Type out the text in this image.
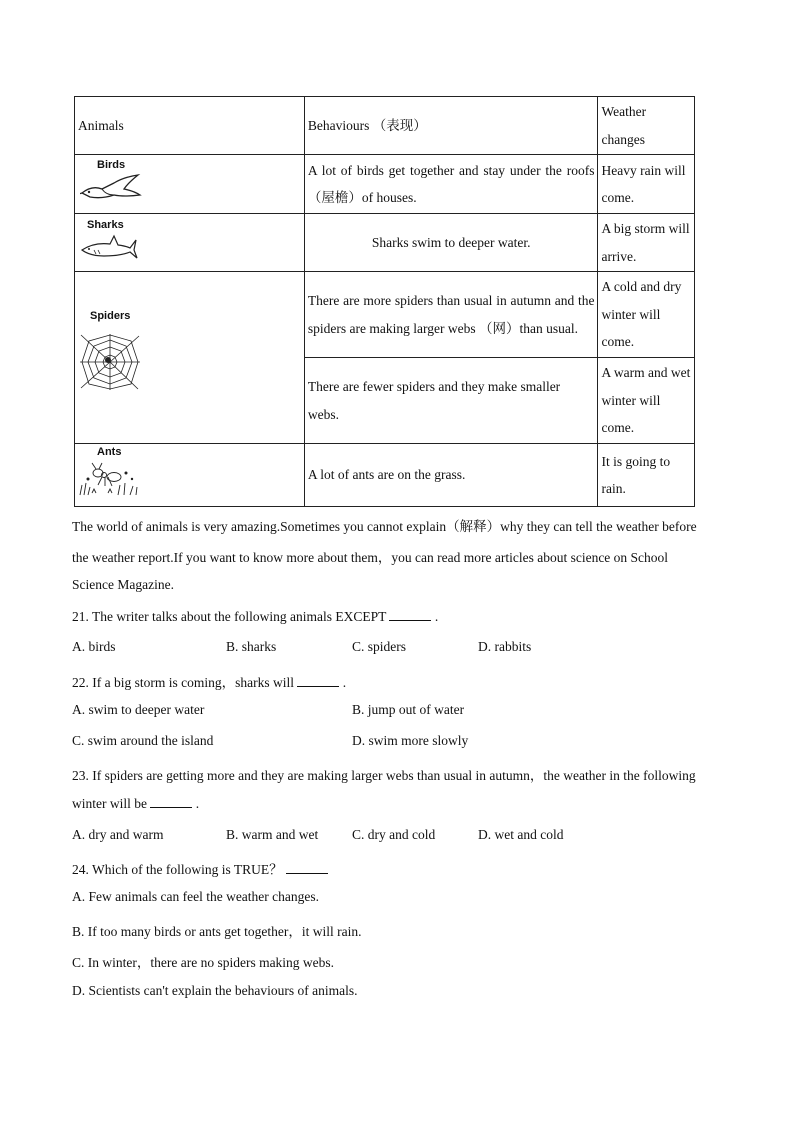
Animals	Behaviours （表现）	Weather changes

Birds	A lot of birds get together and stay under the roofs（屋檐）of houses.	Heavy rain will come.

Sharks	Sharks swim to deeper water.	A big storm will arrive.

Spiders	There are more spiders than usual in autumn and the spiders are making larger webs （网）than usual.	A cold and dry winter will come.
	There are fewer spiders and they make smaller webs.	A warm and wet winter will come.

Ants	A lot of ants are on the grass.	It is going to rain.
The world of animals is very amazing.Sometimes you cannot explain（解释）why they can tell the weather before
the weather report.If you want to know more about them，you can read more articles about science on School
Science Magazine.
21. The writer talks about the following animals EXCEPT	.
A. birds	B. sharks	C. spiders	D. rabbits
22. If a big storm is coming，sharks will	.
A. swim to deeper water	B. jump out of water
C. swim around the island	D. swim more slowly
23. If spiders are getting more and they are making larger webs than usual in autumn，the weather in the following
winter will be	.
A. dry and warm	B. warm and wet	C. dry and cold	D. wet and cold
24. Which of the following is TRUE？
A. Few animals can feel the weather changes.
B. If too many birds or ants get together，it will rain.
C. In winter，there are no spiders making webs.
D. Scientists can't explain the behaviours of animals.
